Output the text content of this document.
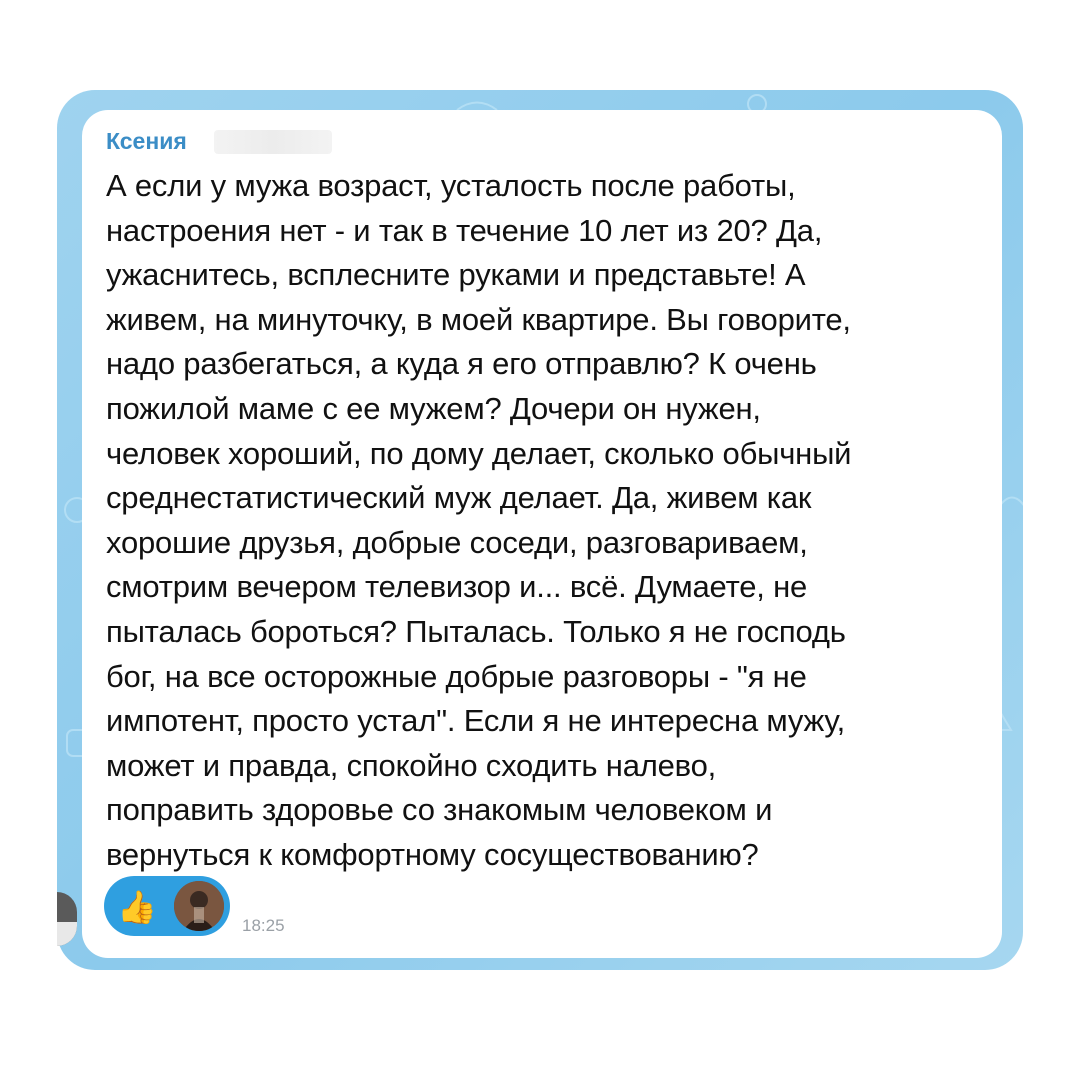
Ксения

А если у мужа возраст, усталость после работы,
настроения нет - и так в течение 10 лет из 20? Да,
ужаснитесь, всплесните руками и представьте! А
живем, на минуточку, в моей квартире. Вы говорите,
надо разбегаться, а куда я его отправлю? К очень
пожилой маме с ее мужем? Дочери он нужен,
человек хороший, по дому делает, сколько обычный
среднестатистический муж делает. Да, живем как
хорошие друзья, добрые соседи, разговариваем,
смотрим вечером телевизор и... всё. Думаете, не
пыталась бороться? Пыталась. Только я не господь
бог, на все осторожные добрые разговоры - "я не
импотент, просто устал". Если я не интересна мужу,
может и правда, спокойно сходить налево,
поправить здоровье со знакомым человеком и
вернуться к комфортному сосуществованию?

👍	18:25
